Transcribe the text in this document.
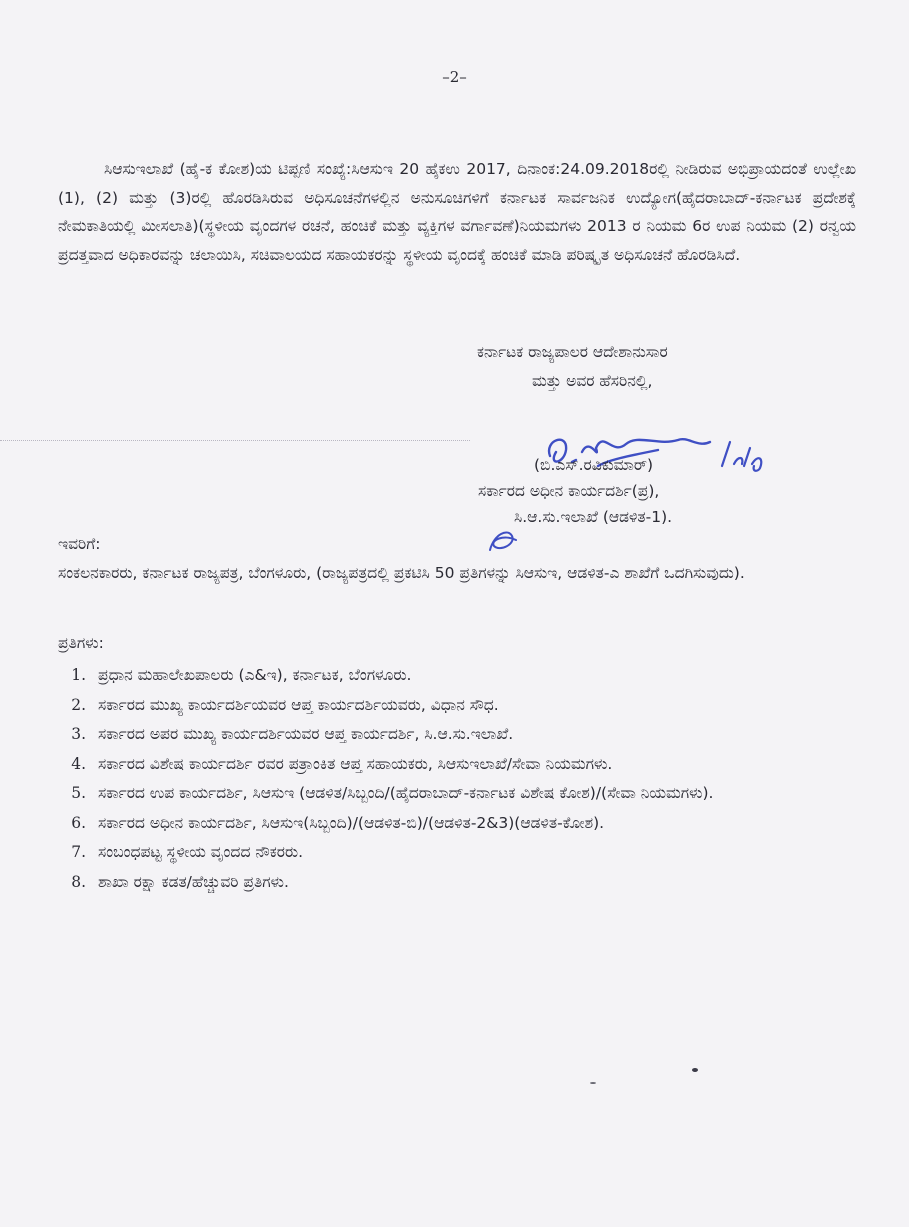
–2–

ಸಿಆಸುಇಲಾಖೆ (ಹೈ-ಕ ಕೋಶ)ಯ ಟಿಪ್ಪಣಿ ಸಂಖ್ಯೆ:ಸಿಆಸುಇ 20 ಹೈಕಉ 2017, ದಿನಾಂಕ:24.09.2018ರಲ್ಲಿ ನೀಡಿರುವ ಅಭಿಪ್ರಾಯದಂತೆ ಉಲ್ಲೇಖ (1), (2) ಮತ್ತು (3)ರಲ್ಲಿ ಹೊರಡಿಸಿರುವ ಅಧಿಸೂಚನೆಗಳಲ್ಲಿನ ಅನುಸೂಚಿಗಳಿಗೆ ಕರ್ನಾಟಕ ಸಾರ್ವಜನಿಕ ಉದ್ಯೋಗ(ಹೈದರಾಬಾದ್-ಕರ್ನಾಟಕ ಪ್ರದೇಶಕ್ಕೆ ನೇಮಕಾತಿಯಲ್ಲಿ ಮೀಸಲಾತಿ)(ಸ್ಥಳೀಯ ವೃಂದಗಳ ರಚನೆ, ಹಂಚಿಕೆ ಮತ್ತು ವ್ಯಕ್ತಿಗಳ ವರ್ಗಾವಣೆ)ನಿಯಮಗಳು 2013 ರ ನಿಯಮ 6ರ ಉಪ ನಿಯಮ (2) ರನ್ವಯ ಪ್ರದತ್ತವಾದ ಅಧಿಕಾರವನ್ನು ಚಲಾಯಿಸಿ, ಸಚಿವಾಲಯದ ಸಹಾಯಕರನ್ನು ಸ್ಥಳೀಯ ವೃಂದಕ್ಕೆ ಹಂಚಿಕೆ ಮಾಡಿ ಪರಿಷ್ಕೃತ ಅಧಿಸೂಚನೆ ಹೊರಡಿಸಿದೆ.

ಕರ್ನಾಟಕ ರಾಜ್ಯಪಾಲರ ಆದೇಶಾನುಸಾರ
ಮತ್ತು ಅವರ ಹೆಸರಿನಲ್ಲಿ,
(ಬಿ.ಎಸ್.ರವಿಕುಮಾರ್)
ಸರ್ಕಾರದ ಅಧೀನ ಕಾರ್ಯದರ್ಶಿ(ಪ್ರ),
ಸಿ.ಆ.ಸು.ಇಲಾಖೆ (ಆಡಳಿತ-1).
ಇವರಿಗೆ:

ಸಂಕಲನಕಾರರು, ಕರ್ನಾಟಕ ರಾಜ್ಯಪತ್ರ, ಬೆಂಗಳೂರು, (ರಾಜ್ಯಪತ್ರದಲ್ಲಿ ಪ್ರಕಟಿಸಿ 50 ಪ್ರತಿಗಳನ್ನು ಸಿಆಸುಇ, ಆಡಳಿತ-ಎ ಶಾಖೆಗೆ ಒದಗಿಸುವುದು).

ಪ್ರತಿಗಳು:
1. ಪ್ರಧಾನ ಮಹಾಲೇಖಪಾಲರು (ಎ&ಇ), ಕರ್ನಾಟಕ, ಬೆಂಗಳೂರು.
2. ಸರ್ಕಾರದ ಮುಖ್ಯ ಕಾರ್ಯದರ್ಶಿಯವರ ಆಪ್ತ ಕಾರ್ಯದರ್ಶಿಯವರು, ವಿಧಾನ ಸೌಧ.
3. ಸರ್ಕಾರದ ಅಪರ ಮುಖ್ಯ ಕಾರ್ಯದರ್ಶಿಯವರ ಆಪ್ತ ಕಾರ್ಯದರ್ಶಿ, ಸಿ.ಆ.ಸು.ಇಲಾಖೆ.
4. ಸರ್ಕಾರದ ವಿಶೇಷ ಕಾರ್ಯದರ್ಶಿ ರವರ ಪತ್ರಾಂಕಿತ ಆಪ್ತ ಸಹಾಯಕರು, ಸಿಆಸುಇಲಾಖೆ/ಸೇವಾ ನಿಯಮಗಳು.
5. ಸರ್ಕಾರದ ಉಪ ಕಾರ್ಯದರ್ಶಿ, ಸಿಆಸುಇ (ಆಡಳಿತ/ಸಿಬ್ಬಂದಿ/(ಹೈದರಾಬಾದ್-ಕರ್ನಾಟಕ ವಿಶೇಷ ಕೋಶ)/(ಸೇವಾ ನಿಯಮಗಳು).
6. ಸರ್ಕಾರದ ಅಧೀನ ಕಾರ್ಯದರ್ಶಿ, ಸಿಆಸುಇ(ಸಿಬ್ಬಂದಿ)/(ಆಡಳಿತ-ಬಿ)/(ಆಡಳಿತ-2&3)(ಆಡಳಿತ-ಕೋಶ).
7. ಸಂಬಂಧಪಟ್ಟ ಸ್ಥಳೀಯ ವೃಂದದ ನೌಕರರು.
8. ಶಾಖಾ ರಕ್ಷಾ ಕಡತ/ಹೆಚ್ಚುವರಿ ಪ್ರತಿಗಳು.
